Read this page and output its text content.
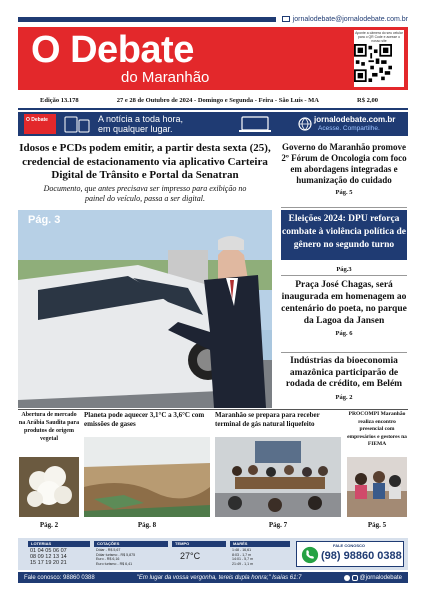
jornalodebate@jornalodebate.com.br
O Debate
do Maranhão
Aponte a câmera do seu celular para o QR Code e acesse o nosso site
Edição 13.178	27 e 28 de Outubro de 2024 - Domingo e Segunda - Feira - São Luís - MA	R$ 2,00
O Debate	A notícia a toda hora,
em qualquer lugar.
jornalodebate.com.br
Acesse. Compartilhe.
Idosos e PCDs podem emitir, a partir desta sexta (25), credencial de estacionamento via aplicativo Carteira Digital de Trânsito e Portal da Senatran
Documento, que antes precisava ser impresso para exibição no painel do veículo, passa a ser digital.
Pág. 3
Governo do Maranhão promove 2º Fórum de Oncologia com foco em abordagens integradas e humanização do cuidado
Pág. 5
Eleições 2024: DPU reforça combate à violência política de gênero no segundo turno
Pág.3
Praça José Chagas, será inaugurada em homenagem ao centenário do poeta, no parque da Lagoa da Jansen
Pág. 6
Indústrias da bioeconomia amazônica participarão de rodada de crédito, em Belém
Pág. 2
Abertura de mercado na Arábia Saudita para produtos de origem vegetal
Pág. 2
Planeta pode aquecer 3,1°C a 3,6°C com emissões de gases
Pág. 8
Maranhão se prepara para receber terminal de gás natural liquefeito
Pág. 7
PROCOMPI Maranhão realiza encontro presencial com empresários e gestores na FIEMA
Pág. 5
LOTERIAS
01 04 05 06 07
08 09 12 13 14
15 17 19 20 21
COTAÇÕES
Dólar - R$ 5,67
Dólar turismo - R$ 5,875
Euro - R$ 6,16
Euro turismo - R$ 6,41
TEMPO
27°C
MARÉS
1:48 - 16,61
8:03 - 1,7 m
14:01 - 5,7 m
21:49 - 1,1 m
FALE CONOSCO
(98) 98860 0388
Fale conosco: 98860 0388	"Em lugar da vossa vergonha, tereis dupla honra;" Isaías 61:7	@jornalodebate
